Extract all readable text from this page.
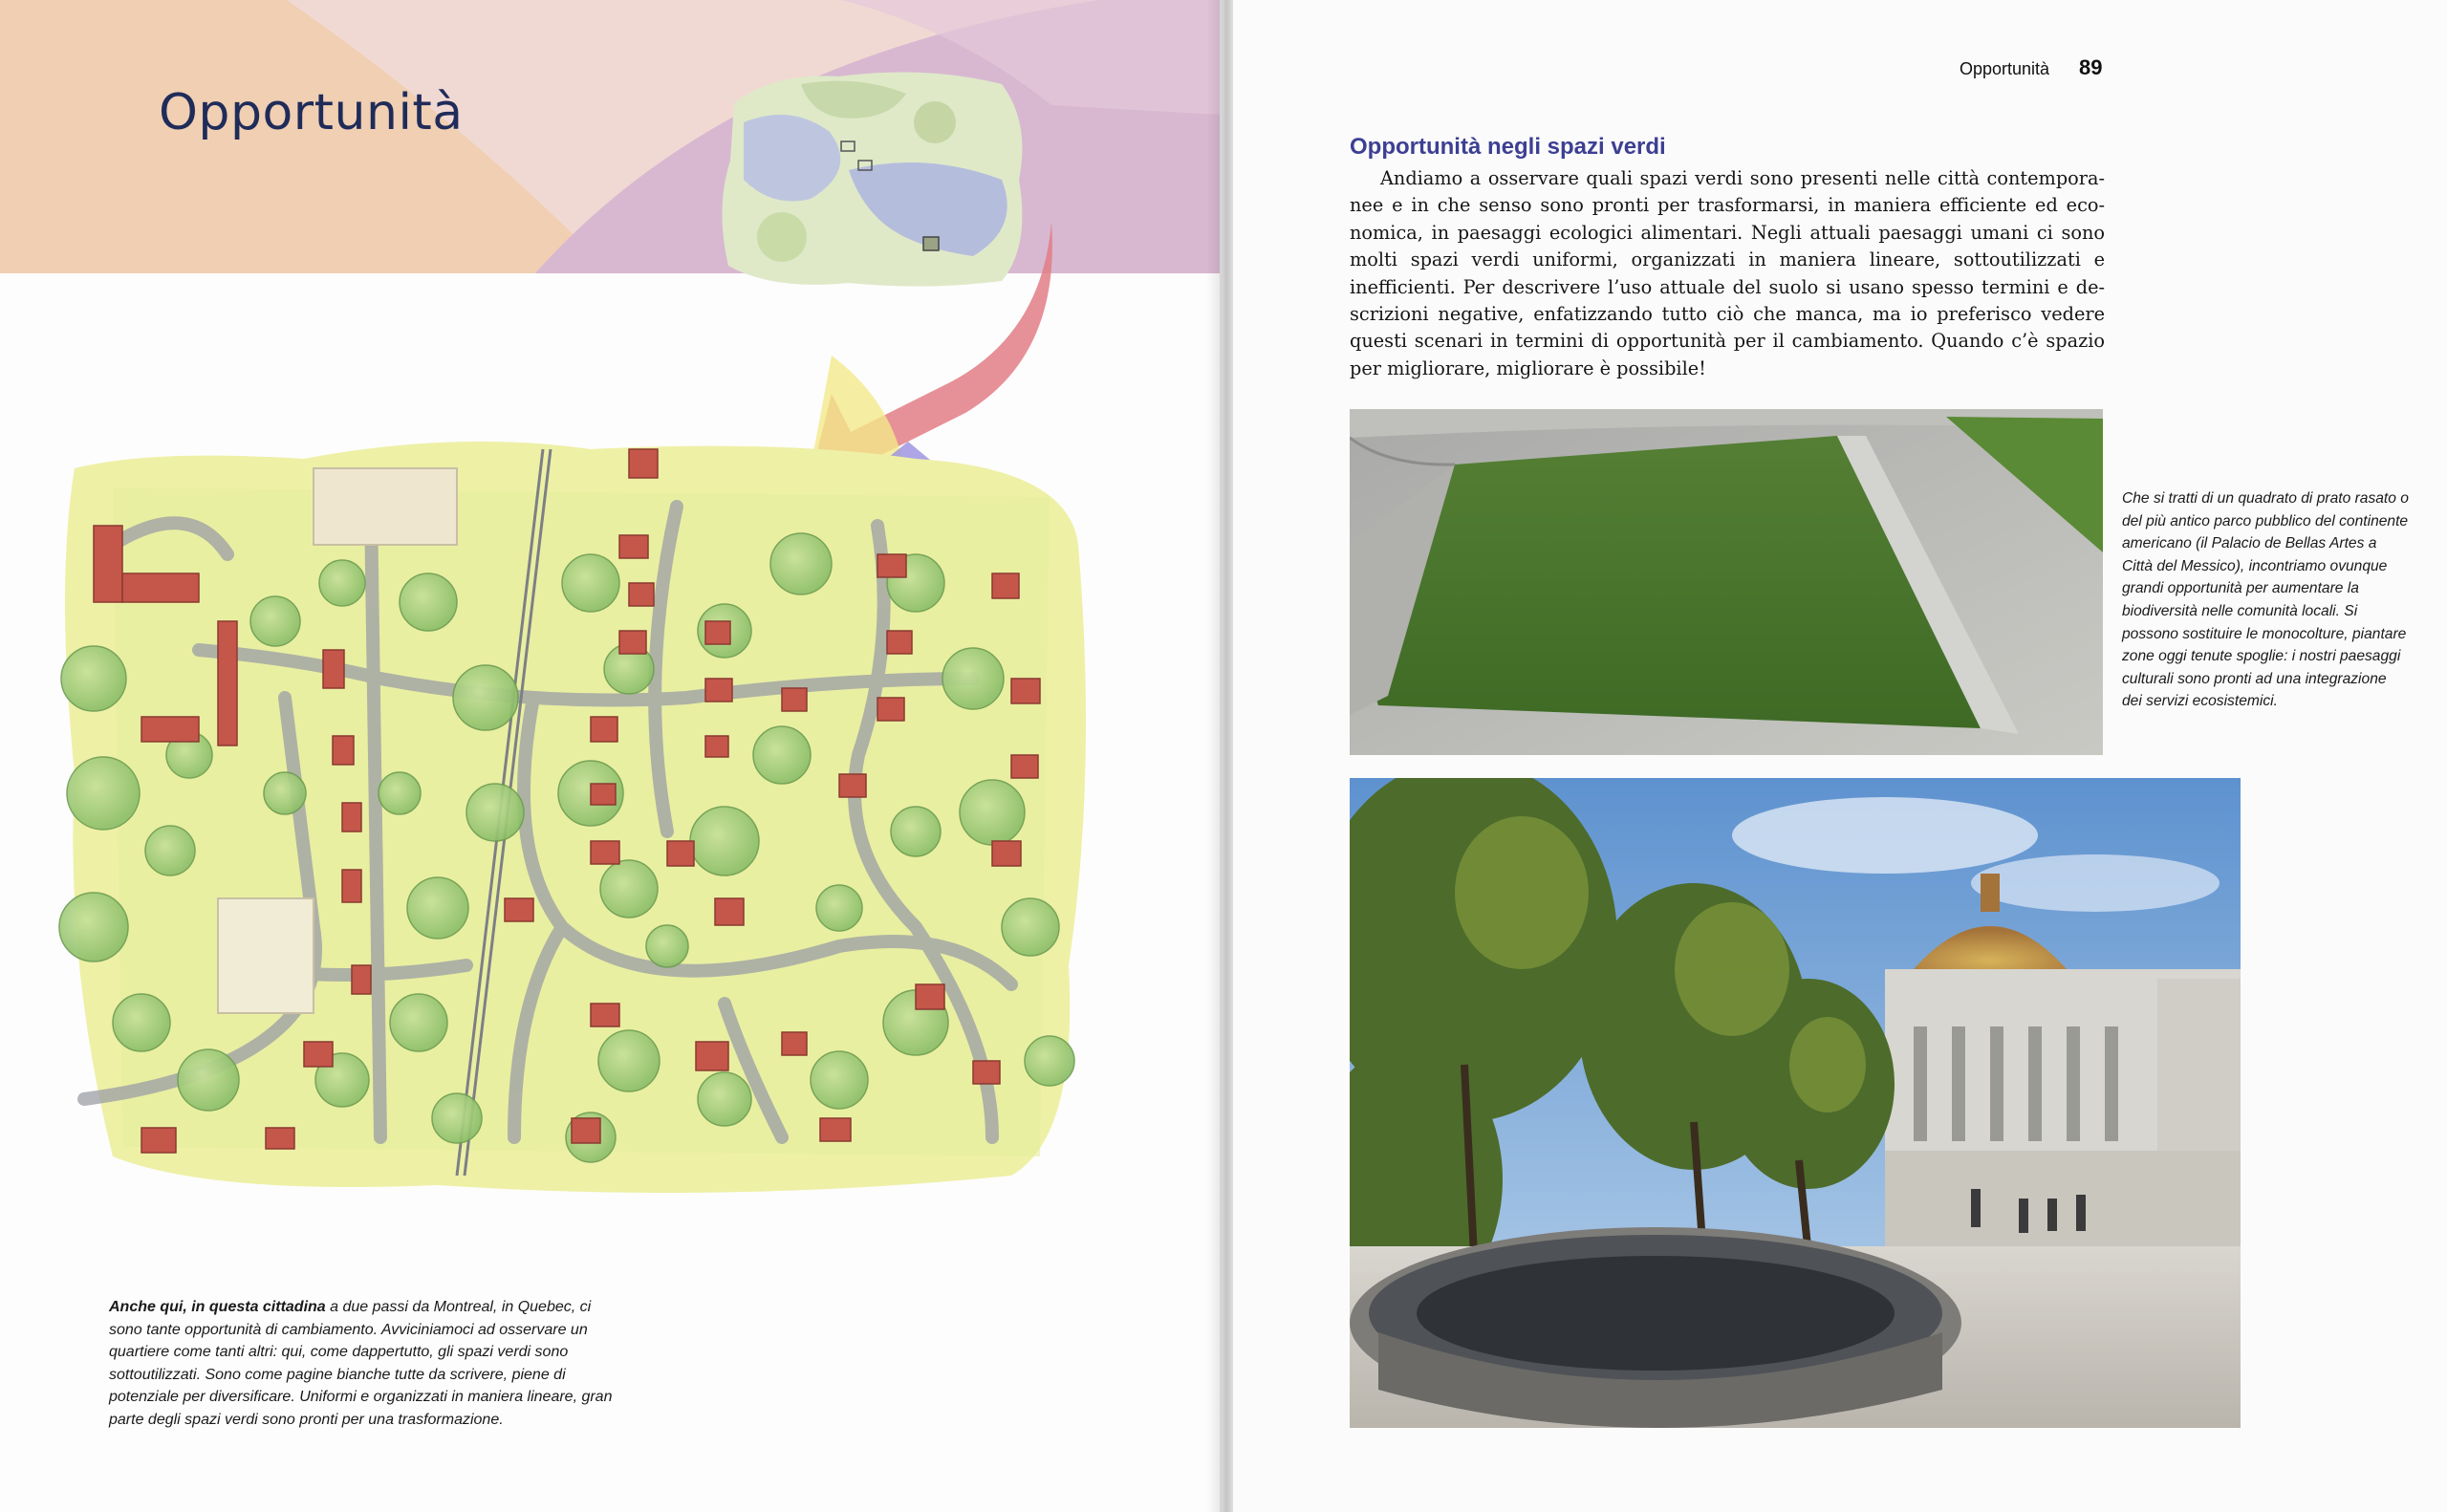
Opportunità
Anche qui, in questa cittadina a due passi da Montreal, in Quebec, ci sono tante opportunità di cambiamento. Avviciniamoci ad osservare un quartiere come tanti altri: qui, come dappertutto, gli spazi verdi sono sottoutilizzati. Sono come pagine bianche tutte da scrivere, piene di potenziale per diversificare. Uniformi e organizzati in maniera lineare, gran parte degli spazi verdi sono pronti per una trasformazione.
Opportunità 89
Opportunità negli spazi verdi

Andiamo a osservare quali spazi verdi sono presenti nelle città contemporanee e in che senso sono pronti per trasformarsi, in maniera efficiente ed economica, in paesaggi ecologici alimentari. Negli attuali paesaggi umani ci sono molti spazi verdi uniformi, organizzati in maniera lineare, sottoutilizzati e inefficienti. Per descrivere l’uso attuale del suolo si usano spesso termini e descrizioni negative, enfatizzando tutto ciò che manca, ma io preferisco vedere questi scenari in termini di opportunità per il cambiamento. Quando c’è spazio per migliorare, migliorare è possibile!

Che si tratti di un quadrato di prato rasato o del più antico parco pubblico del continente americano (il Palacio de Bellas Artes a Città del Messico), incontriamo ovunque grandi opportunità per aumentare la biodiversità nelle comunità locali. Si possono sostituire le monocolture, piantare zone oggi tenute spoglie: i nostri paesaggi culturali sono pronti ad una integrazione dei servizi ecosistemici.
